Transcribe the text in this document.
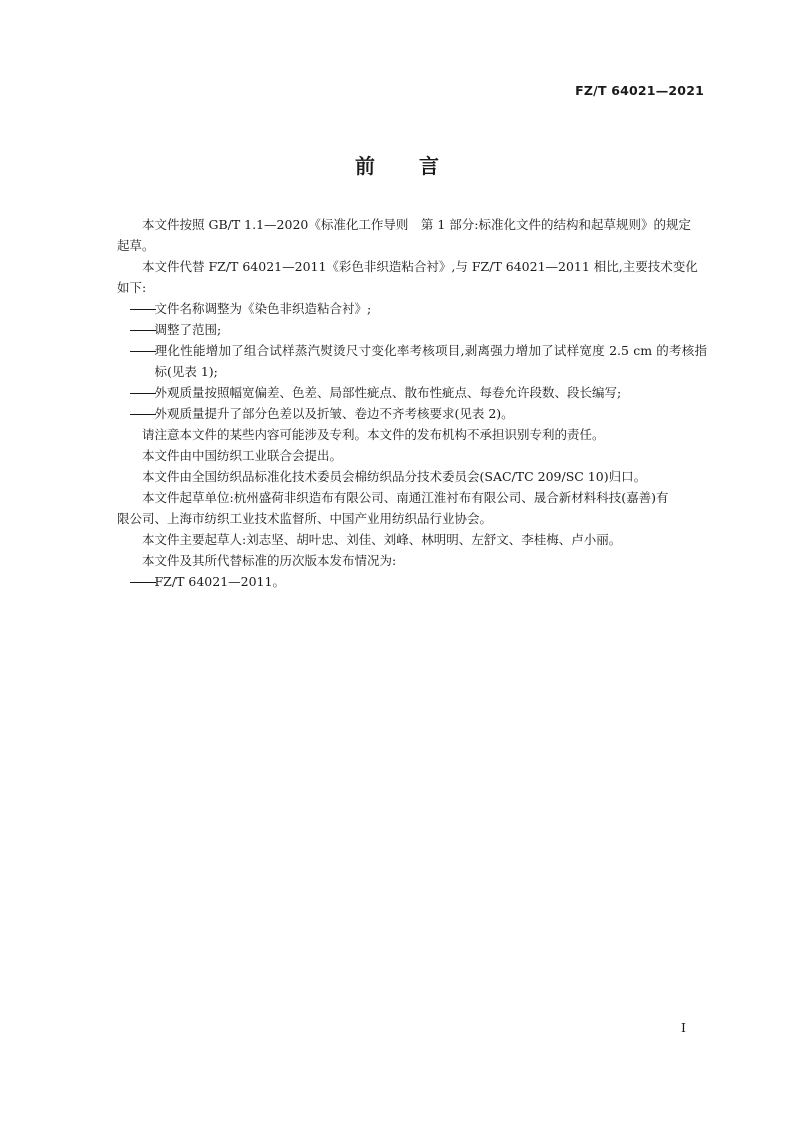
FZ/T 64021—2021
前 言

本文件按照 GB/T 1.1—2020《标准化工作导则　第 1 部分:标准化文件的结构和起草规则》的规定

起草。

本文件代替 FZ/T 64021—2011《彩色非织造粘合衬》,与 FZ/T 64021—2011 相比,主要技术变化

如下:

文件名称调整为《染色非织造粘合衬》;

调整了范围;

理化性能增加了组合试样蒸汽熨烫尺寸变化率考核项目,剥离强力增加了试样宽度 2.5 cm 的考核指标(见表 1);

外观质量按照幅宽偏差、色差、局部性疵点、散布性疵点、每卷允许段数、段长编写;

外观质量提升了部分色差以及折皱、卷边不齐考核要求(见表 2)。

请注意本文件的某些内容可能涉及专利。本文件的发布机构不承担识别专利的责任。

本文件由中国纺织工业联合会提出。

本文件由全国纺织品标准化技术委员会棉纺织品分技术委员会(SAC/TC 209/SC 10)归口。

本文件起草单位:杭州盛荷非织造布有限公司、南通江淮衬布有限公司、晟合新材料科技(嘉善)有

限公司、上海市纺织工业技术监督所、中国产业用纺织品行业协会。

本文件主要起草人:刘志坚、胡叶忠、刘佳、刘峰、林明明、左舒文、李桂梅、卢小丽。

本文件及其所代替标准的历次版本发布情况为:

FZ/T 64021—2011。

I
